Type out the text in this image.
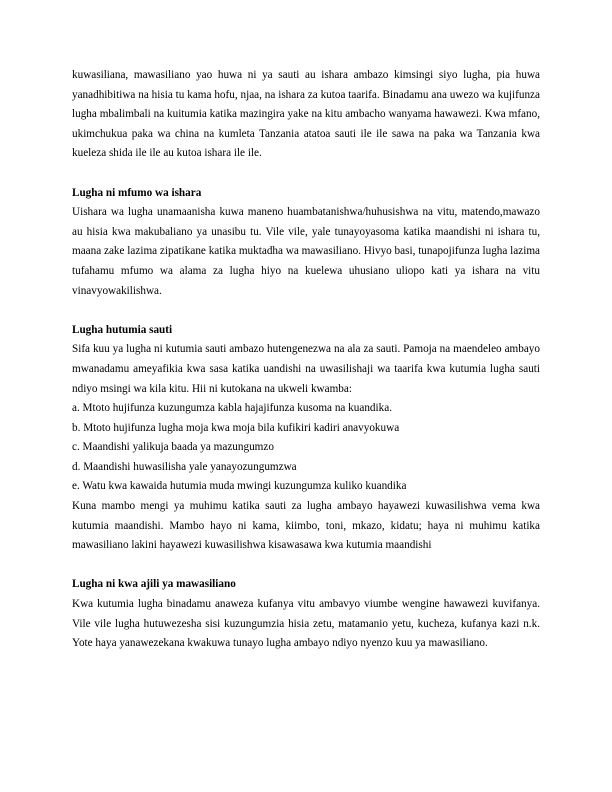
kuwasiliana, mawasiliano yao huwa ni ya sauti au ishara ambazo kimsingi siyo lugha, pia huwa yanadhibitiwa na hisia tu kama hofu, njaa, na ishara za kutoa taarifa. Binadamu ana uwezo wa kujifunza lugha mbalimbali na kuitumia katika mazingira yake na kitu ambacho wanyama hawawezi. Kwa mfano, ukimchukua paka wa china na kumleta Tanzania atatoa sauti ile ile sawa na paka wa Tanzania kwa kueleza shida ile ile au kutoa ishara ile ile.

Lugha ni mfumo wa ishara

Uishara wa lugha unamaanisha kuwa maneno huambatanishwa/huhusishwa na vitu, matendo,mawazo au hisia kwa makubaliano ya unasibu tu. Vile vile, yale tunayoyasoma katika maandishi ni ishara tu, maana zake lazima zipatikane katika muktadha wa mawasiliano. Hivyo basi, tunapojifunza lugha lazima tufahamu mfumo wa alama za lugha hiyo na kuelewa uhusiano uliopo kati ya ishara na vitu vinavyowakilishwa.

Lugha hutumia sauti

Sifa kuu ya lugha ni kutumia sauti ambazo hutengenezwa na ala za sauti. Pamoja na maendeleo ambayo mwanadamu ameyafikia kwa sasa katika uandishi na uwasilishaji wa taarifa kwa kutumia lugha sauti ndiyo msingi wa kila kitu. Hii ni kutokana na ukweli kwamba:

a. Mtoto hujifunza kuzungumza kabla hajajifunza kusoma na kuandika.

b. Mtoto hujifunza lugha moja kwa moja bila kufikiri kadiri anavyokuwa

c. Maandishi yalikuja baada ya mazungumzo

d. Maandishi huwasilisha yale yanayozungumzwa

e. Watu kwa kawaida hutumia muda mwingi kuzungumza kuliko kuandika

Kuna mambo mengi ya muhimu katika sauti za lugha ambayo hayawezi kuwasilishwa vema kwa kutumia maandishi. Mambo hayo ni kama, kiimbo, toni, mkazo, kidatu; haya ni muhimu katika mawasiliano lakini hayawezi kuwasilishwa kisawasawa kwa kutumia maandishi

Lugha ni kwa ajili ya mawasiliano

Kwa kutumia lugha binadamu anaweza kufanya vitu ambavyo viumbe wengine hawawezi kuvifanya. Vile vile lugha hutuwezesha sisi kuzungumzia hisia zetu, matamanio yetu, kucheza, kufanya kazi n.k. Yote haya yanawezekana kwakuwa tunayo lugha ambayo ndiyo nyenzo kuu ya mawasiliano.
